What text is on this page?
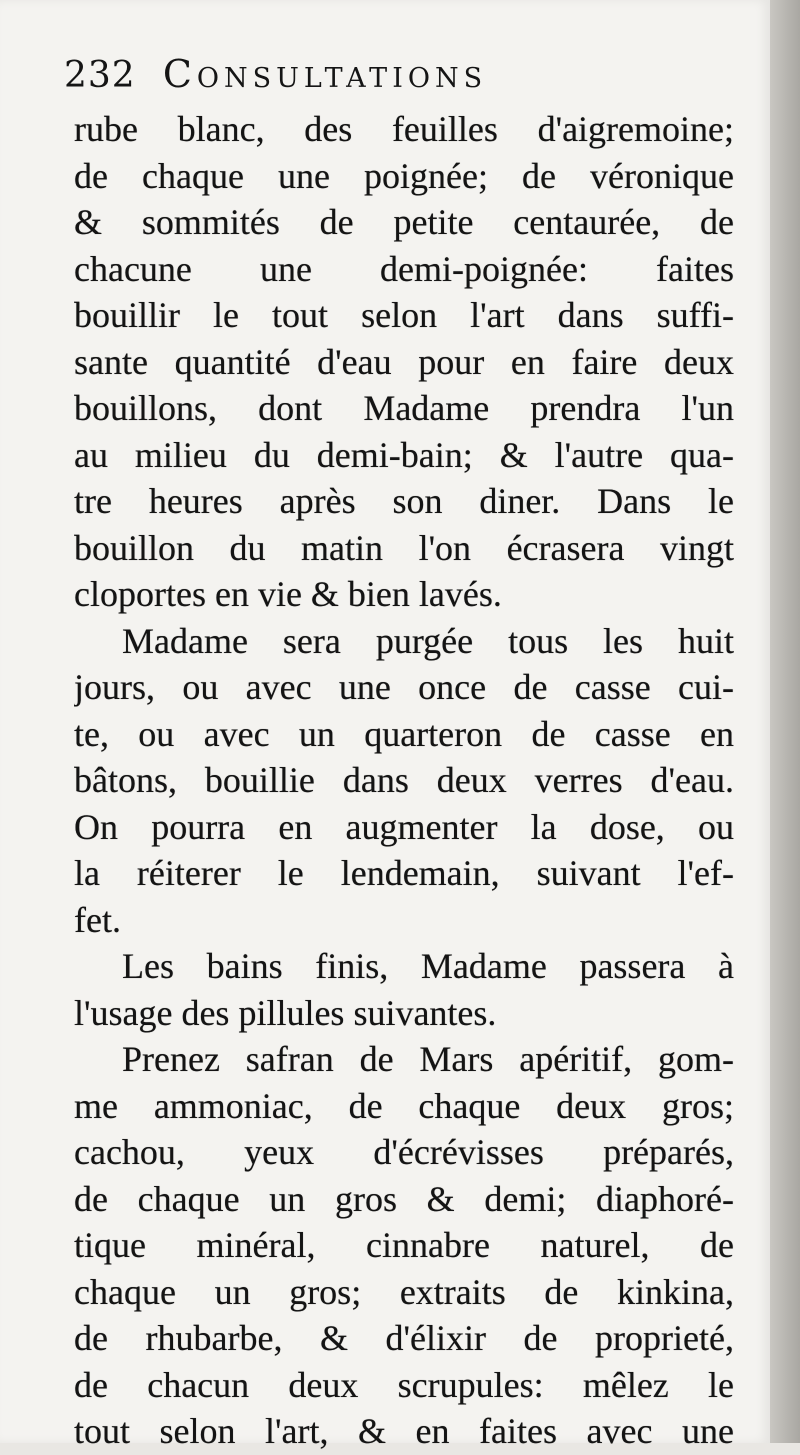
232 Consultations
rube blanc, des feuilles d'aigremoine;
de chaque une poignée; de véronique
& sommités de petite centaurée, de
chacune une demi-poignée: faites
bouillir le tout selon l'art dans suffi-
sante quantité d'eau pour en faire deux
bouillons, dont Madame prendra l'un
au milieu du demi-bain; & l'autre qua-
tre heures après son diner. Dans le
bouillon du matin l'on écrasera vingt
cloportes en vie & bien lavés.
Madame sera purgée tous les huit
jours, ou avec une once de casse cui-
te, ou avec un quarteron de casse en
bâtons, bouillie dans deux verres d'eau.
On pourra en augmenter la dose, ou
la réiterer le lendemain, suivant l'ef-
fet.
Les bains finis, Madame passera à
l'usage des pillules suivantes.
Prenez safran de Mars apéritif, gom-
me ammoniac, de chaque deux gros;
cachou, yeux d'écrévisses préparés,
de chaque un gros & demi; diaphoré-
tique minéral, cinnabre naturel, de
chaque un gros; extraits de kinkina,
de rhubarbe, & d'élixir de proprieté,
de chacun deux scrupules: mêlez le
tout selon l'art, & en faites avec une
